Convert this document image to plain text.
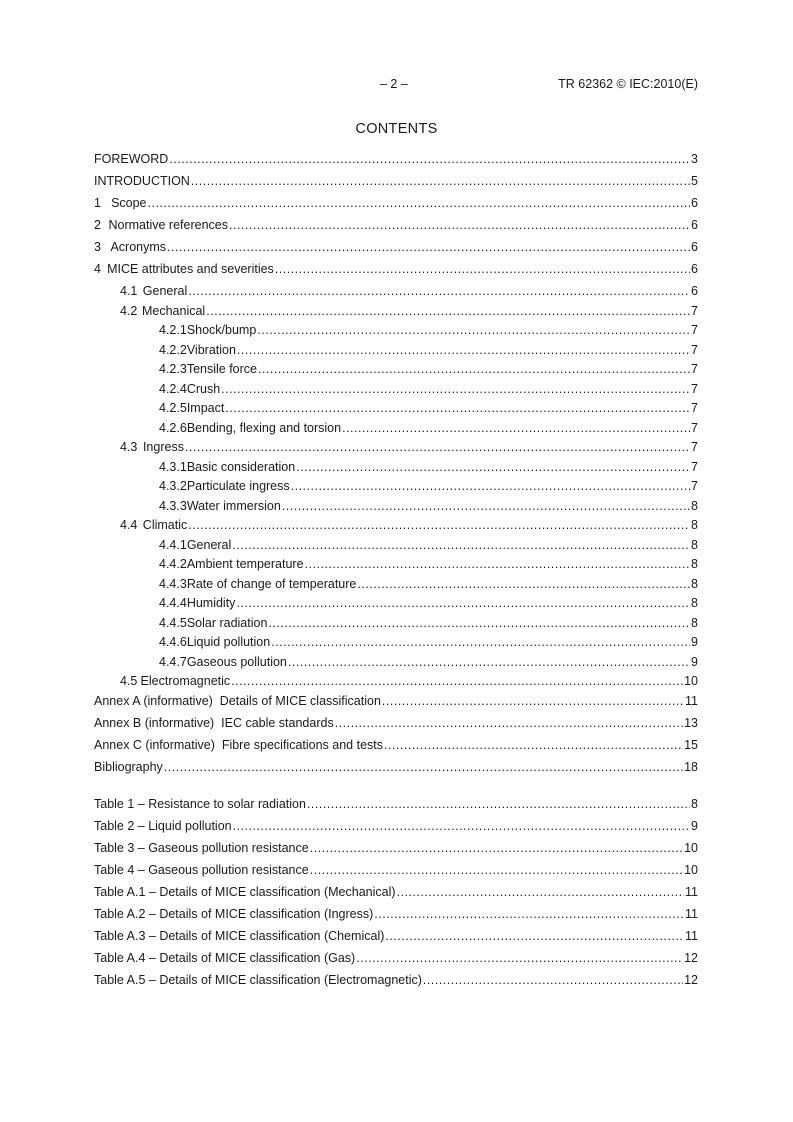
– 2 –	TR 62362 © IEC:2010(E)
CONTENTS
FOREWORD .....	3
INTRODUCTION .....	5
1 Scope .....	6
2 Normative references .....	6
3 Acronyms .....	6
4 MICE attributes and severities .....	6
4.1 General .....	6
4.2 Mechanical .....	7
4.2.1 Shock/bump .....	7
4.2.2 Vibration .....	7
4.2.3 Tensile force .....	7
4.2.4 Crush .....	7
4.2.5 Impact .....	7
4.2.6 Bending, flexing and torsion .....	7
4.3 Ingress .....	7
4.3.1 Basic consideration .....	7
4.3.2 Particulate ingress .....	7
4.3.3 Water immersion .....	8
4.4 Climatic .....	8
4.4.1 General .....	8
4.4.2 Ambient temperature .....	8
4.4.3 Rate of change of temperature .....	8
4.4.4 Humidity .....	8
4.4.5 Solar radiation .....	8
4.4.6 Liquid pollution .....	9
4.4.7 Gaseous pollution .....	9
4.5 Electromagnetic .....	10
Annex A (informative)  Details of MICE classification .....	11
Annex B (informative)  IEC cable standards .....	13
Annex C (informative)  Fibre specifications and tests .....	15
Bibliography .....	18
Table 1 – Resistance to solar radiation .....	8
Table 2 – Liquid pollution .....	9
Table 3 – Gaseous pollution resistance .....	10
Table 4 – Gaseous pollution resistance .....	10
Table A.1 – Details of MICE classification (Mechanical) .....	11
Table A.2 – Details of MICE classification (Ingress) .....	11
Table A.3 – Details of MICE classification (Chemical) .....	11
Table A.4 – Details of MICE classification (Gas) .....	12
Table A.5 – Details of MICE classification (Electromagnetic) .....	12
